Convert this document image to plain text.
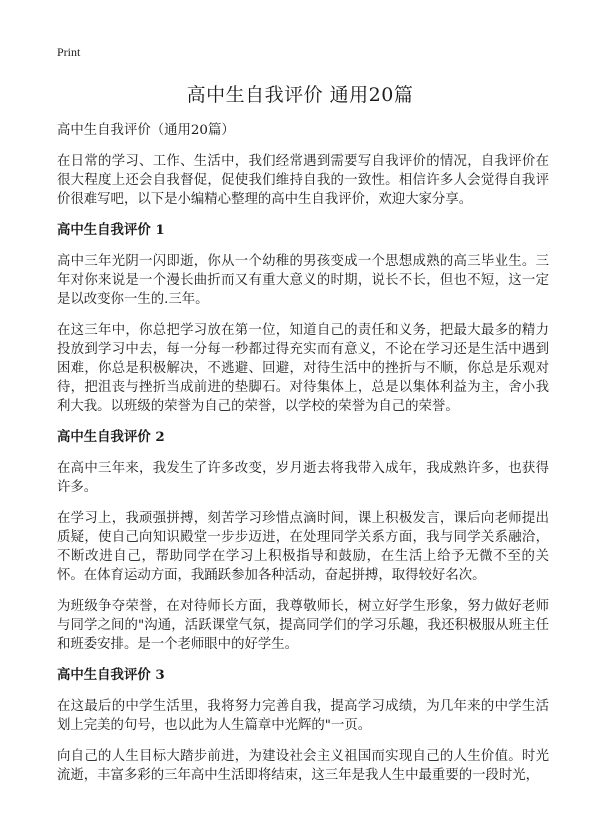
Print
高中生自我评价 通用20篇

高中生自我评价（通用20篇）

在日常的学习、工作、生活中，我们经常遇到需要写自我评价的情况，自我评价在很大程度上还会自我督促，促使我们维持自我的一致性。相信许多人会觉得自我评价很难写吧，以下是小编精心整理的高中生自我评价，欢迎大家分享。

高中生自我评价 1

高中三年光阴一闪即逝，你从一个幼稚的男孩变成一个思想成熟的高三毕业生。三年对你来说是一个漫长曲折而又有重大意义的时期，说长不长，但也不短，这一定是以改变你一生的.三年。

在这三年中，你总把学习放在第一位，知道自己的责任和义务，把最大最多的精力投放到学习中去，每一分每一秒都过得充实而有意义，不论在学习还是生活中遇到困难，你总是积极解决，不逃避、回避，对待生活中的挫折与不顺，你总是乐观对待，把沮丧与挫折当成前进的垫脚石。对待集体上，总是以集体利益为主，舍小我利大我。以班级的荣誉为自己的荣誉，以学校的荣誉为自己的荣誉。

高中生自我评价 2

在高中三年来，我发生了许多改变，岁月逝去将我带入成年，我成熟许多，也获得许多。

在学习上，我顽强拼搏，刻苦学习珍惜点滴时间，课上积极发言，课后向老师提出质疑，使自己向知识殿堂一步步迈进，在处理同学关系方面，我与同学关系融洽，不断改进自己，帮助同学在学习上积极指导和鼓励，在生活上给予无微不至的关怀。在体育运动方面，我踊跃参加各种活动，奋起拼搏，取得较好名次。

为班级争夺荣誉，在对待师长方面，我尊敬师长，树立好学生形象，努力做好老师与同学之间的"沟通，活跃课堂气氛，提高同学们的学习乐趣，我还积极服从班主任和班委安排。是一个老师眼中的好学生。

高中生自我评价 3

在这最后的中学生活里，我将努力完善自我，提高学习成绩，为几年来的中学生活划上完美的句号，也以此为人生篇章中光辉的"一页。

向自己的人生目标大踏步前进，为建设社会主义祖国而实现自己的人生价值。时光流逝，丰富多彩的三年高中生活即将结束，这三年是我人生中最重要的一段时光，
